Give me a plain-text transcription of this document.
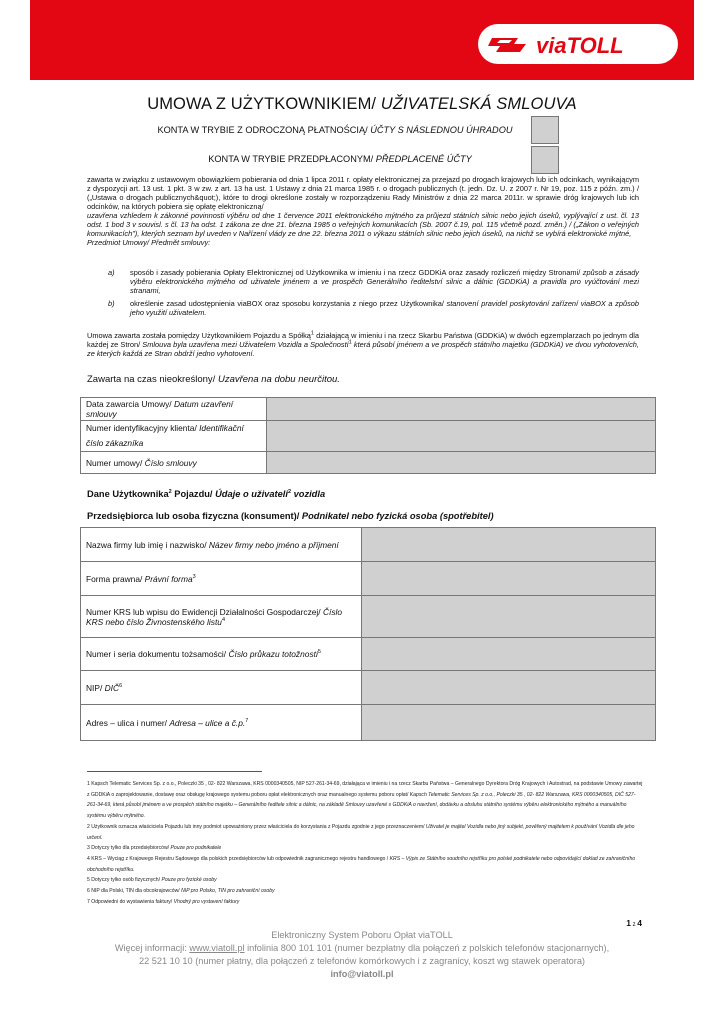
viaTOLL
UMOWA Z UŻYTKOWNIKIEM/ UŽIVATELSKÁ SMLOUVA
KONTA W TRYBIE Z ODROCZONĄ PŁATNOŚCIĄ/ ÚČTY S NÁSLEDNOU ÚHRADOU
KONTA W TRYBIE PRZEDPŁACONYM/ PŘEDPLACENÉ ÚČTY
zawarta w związku z ustawowym obowiązkiem pobierania od dnia 1 lipca 2011 r. opłaty elektronicznej za przejazd po drogach krajowych lub ich odcinkach, wynikającym z dyspozycji art. 13 ust. 1 pkt. 3 w zw. z art. 13 ha ust. 1 Ustawy z dnia 21 marca 1985 r. o drogach publicznych (t. jedn. Dz. U. z 2007 r. Nr 19, poz. 115 z późn. zm.) / („Ustawa o drogach publicznych&quot;), które to drogi określone zostały w rozporządzeniu Rady Ministrów z dnia 22 marca 2011r. w sprawie dróg krajowych lub ich odcinków, na których pobiera się opłatę elektroniczną/
uzavřena vzhledem k zákonné povinnosti výběru od dne 1 července 2011 elektronického mýtného za průjezd státních silnic nebo jejich úseků, vyplývající z ust. čl. 13 odst. 1 bod 3 v souvisl. s čl. 13 ha odst. 1 zákona ze dne 21. března 1985 o veřejných komunikacích (Sb. 2007 č.19, pol. 115 včetně pozd. změn.) / („Zákon o veřejných komunikacích"), kterých seznam byl uveden v Nařízení vlády ze dne 22. března 2011 o výkazu státních silnic nebo jejich úseků, na nichž se vybírá elektronické mýtné,
Przedmiot Umowy/ Předmět smlouvy:
a) sposób i zasady pobierania Opłaty Elektronicznej od Użytkownika w imieniu i na rzecz GDDKiA oraz zasady rozliczeń między Stronami/ způsob a zásady výběru elektronického mýtného od uživatele jménem a ve prospěch Generálního ředitelství silnic a dálnic (GDDKiA) a pravidla pro vyúčtování mezi stranami,
b) określenie zasad udostępnienia viaBOX oraz sposobu korzystania z niego przez Użytkownika/ stanovení pravidel poskytování zařízení viaBOX a způsob jeho využití uživatelem.
Umowa zawarta została pomiędzy Użytkownikiem Pojazdu a Spółką$^1$ działającą w imieniu i na rzecz Skarbu Państwa (GDDKiA) w dwóch egzemplarzach po jednym dla każdej ze Stron/ Smlouva byla uzavřena mezi Uživatelem Vozidla a Společností$^1$ která působí jménem a ve prospěch státního majetku (GDDKiA) ve dvou vyhotoveních, ze kterých každá ze Stran obdrží jedno vyhotovení.
Zawarta na czas nieokreślony/ Uzavřena na dobu neurčitou.
Data zawarcia Umowy/ Datum uzavření smlouvy	
Numer identyfikacyjny klienta/ Identifikační číslo zákazníka	
Numer umowy/ Číslo smlouvy	
Dane Użytkownika$^2$ Pojazdu/ Údaje o uživateli$^2$ vozidla
Przedsiębiorca lub osoba fizyczna (konsument)/ Podnikatel nebo fyzická osoba (spotřebitel)
Nazwa firmy lub imię i nazwisko/ Název firmy nebo jméno a příjmení	
Forma prawna/ Právní forma$^3$	
Numer KRS lub wpisu do Ewidencji Działalności Gospodarczej/ Číslo KRS nebo číslo Živnostenského listu$^4$	
Numer i seria dokumentu tożsamości/ Číslo průkazu totožnosti$^5$	
NIP/ DIČ$^6$	
Adres – ulica i numer/ Adresa – ulice a č.p.$^7$	
1 Kapsch Telematic Services Sp. z o.o., Poleczki 35 , 02- 822 Warszawa, KRS 0000340505, NIP 527-261-34-69, działająca w imieniu i na rzecz Skarbu Państwa – Generalnego Dyrektora Dróg Krajowych i Autostrad, na podstawie Umowy zawartej z GDDKiA o zaprojektowanie, dostawę oraz obsługę krajowego systemu poboru opłat elektronicznych oraz manualnego systemu poboru opłat/ Kapsch Telematic Services Sp. z o.o., Poleczki 35 , 02- 822 Warszawa, KRS 0000340505, DIČ 527-261-34-69, která působí jménem a ve prospěch státního majetku – Generálního ředitele silnic a dálnic, na základě Smlouvy uzavřené s GDDKiA o navržení, dodávku a obsluhu státního systému výběru elektronického mýtného a manuálního systému výběru mýtného.
2 Użytkownik oznacza właściciela Pojazdu lub inny podmiot upoważniony przez właściciela do korzystania z Pojazdu zgodnie z jego przeznaczeniem/ Uživatel je majitel Vozidla nebo jiný subjekt, pověřený majitelem k používání Vozidla dle jeho určení.
3 Dotyczy tylko dla przedsiębiorców/ Pouze pro podnikatele
4 KRS – Wyciąg z Krajowego Rejestru Sądowego dla polskich przedsiębiorców lub odpowiednik zagranicznego rejestru handlowego / KRS – Výpis ze Státního soudního rejstříku pro polské podnikatele nebo odpovídající doklad ze zahraničního obchodního rejstříku.
5 Dotyczy tylko osób fizycznych/ Pouze pro fyzické osoby
6 NIP dla Polski, TIN dla obcokrajowców/ NIP pro Polsko, TIN pro zahraniční osoby
7 Odpowiedni do wystawienia faktury/ Vhodný pro vystavení faktury
1 z 4
Elektroniczny System Poboru Opłat viaTOLL
Więcej informacji: www.viatoll.pl infolinia 800 101 101 (numer bezpłatny dla połączeń z polskich telefonów stacjonarnych),
22 521 10 10 (numer płatny, dla połączeń z telefonów komórkowych i z zagranicy, koszt wg stawek operatora)
info@viatoll.pl
